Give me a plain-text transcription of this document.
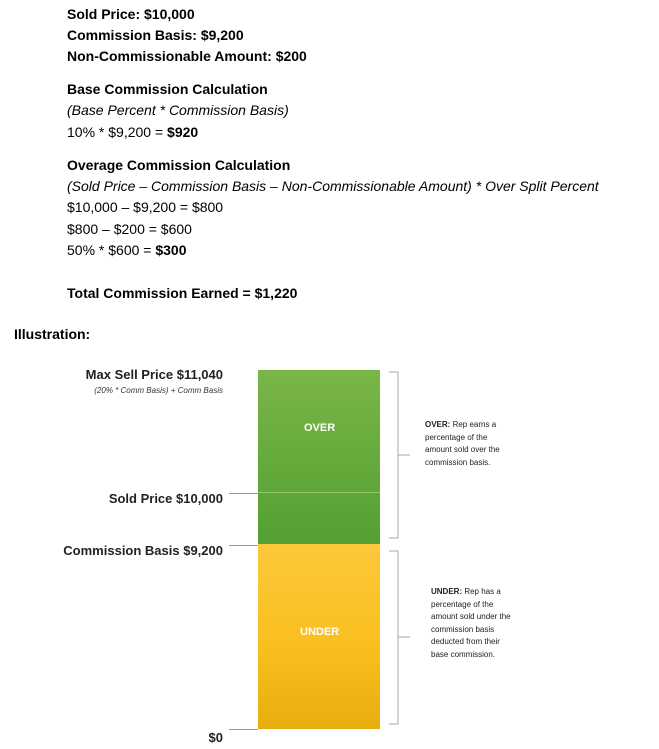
Sold Price: $10,000
Commission Basis: $9,200
Non-Commissionable Amount: $200
Base Commission Calculation
(Base Percent * Commission Basis)
10% * $9,200 = $920
Overage Commission Calculation
(Sold Price – Commission Basis – Non-Commissionable Amount) * Over Split Percent
$10,000 – $9,200 = $800
$800 – $200 = $600
50% * $600 = $300
Total Commission Earned = $1,220
Illustration:
Max Sell Price $11,040
(20% * Comm Basis) + Comm Basis
Sold Price $10,000
Commission Basis $9,200
$0
OVER
UNDER
OVER: Rep earns a percentage of the amount sold over the commission basis.
UNDER: Rep has a percentage of the amount sold under the commission basis deducted from their base commission.
